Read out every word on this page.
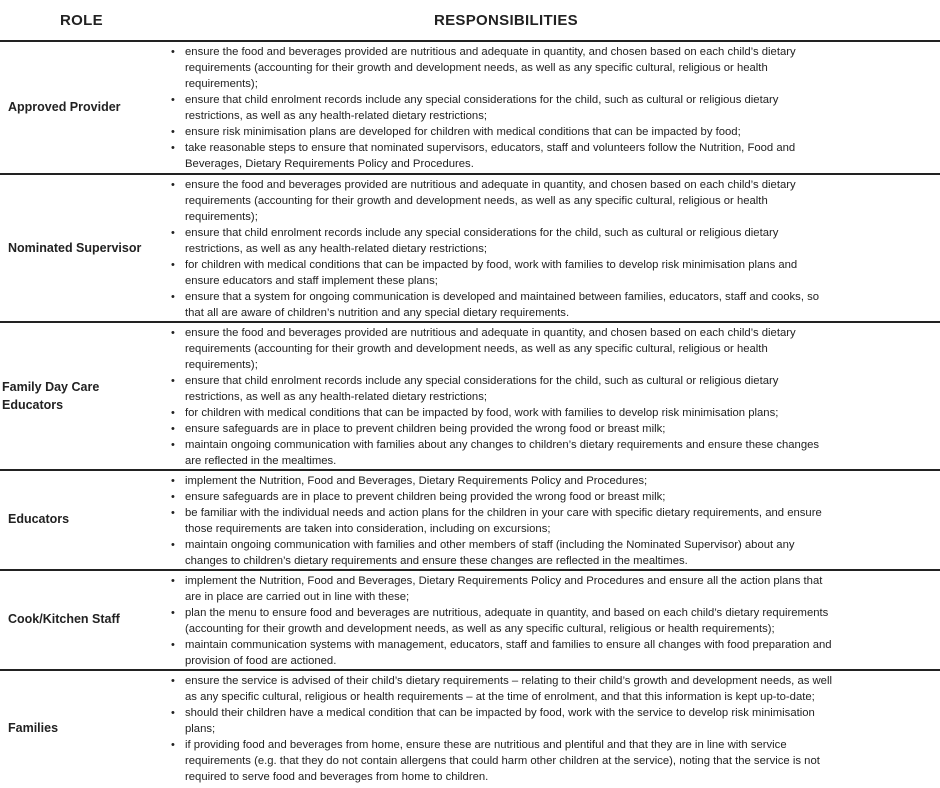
ROLE	RESPONSIBILITIES
Approved Provider
• ensure the food and beverages provided are nutritious and adequate in quantity, and chosen based on each child’s dietary
requirements (accounting for their growth and development needs, as well as any specific cultural, religious or health
requirements);
• ensure that child enrolment records include any special considerations for the child, such as cultural or religious dietary
restrictions, as well as any health-related dietary restrictions;
• ensure risk minimisation plans are developed for children with medical conditions that can be impacted by food;
• take reasonable steps to ensure that nominated supervisors, educators, staff and volunteers follow the Nutrition, Food and
Beverages, Dietary Requirements Policy and Procedures.
Nominated Supervisor
• ensure the food and beverages provided are nutritious and adequate in quantity, and chosen based on each child’s dietary
requirements (accounting for their growth and development needs, as well as any specific cultural, religious or health
requirements);
• ensure that child enrolment records include any special considerations for the child, such as cultural or religious dietary
restrictions, as well as any health-related dietary restrictions;
• for children with medical conditions that can be impacted by food, work with families to develop risk minimisation plans and
ensure educators and staff implement these plans;
• ensure that a system for ongoing communication is developed and maintained between families, educators, staff and cooks, so
that all are aware of children’s nutrition and any special dietary requirements.
Family Day Care Educators
• ensure the food and beverages provided are nutritious and adequate in quantity, and chosen based on each child’s dietary
requirements (accounting for their growth and development needs, as well as any specific cultural, religious or health
requirements);
• ensure that child enrolment records include any special considerations for the child, such as cultural or religious dietary
restrictions, as well as any health-related dietary restrictions;
• for children with medical conditions that can be impacted by food, work with families to develop risk minimisation plans;
• ensure safeguards are in place to prevent children being provided the wrong food or breast milk;
• maintain ongoing communication with families about any changes to children’s dietary requirements and ensure these changes
are reflected in the mealtimes.
Educators
• implement the Nutrition, Food and Beverages, Dietary Requirements Policy and Procedures;
• ensure safeguards are in place to prevent children being provided the wrong food or breast milk;
• be familiar with the individual needs and action plans for the children in your care with specific dietary requirements, and ensure
those requirements are taken into consideration, including on excursions;
• maintain ongoing communication with families and other members of staff (including the Nominated Supervisor) about any
changes to children’s dietary requirements and ensure these changes are reflected in the mealtimes.
Cook/Kitchen Staff
• implement the Nutrition, Food and Beverages, Dietary Requirements Policy and Procedures and ensure all the action plans that
are in place are carried out in line with these;
• plan the menu to ensure food and beverages are nutritious, adequate in quantity, and based on each child’s dietary requirements
(accounting for their growth and development needs, as well as any specific cultural, religious or health requirements);
• maintain communication systems with management, educators, staff and families to ensure all changes with food preparation and
provision of food are actioned.
Families
• ensure the service is advised of their child’s dietary requirements – relating to their child’s growth and development needs, as well
as any specific cultural, religious or health requirements – at the time of enrolment, and that this information is kept up-to-date;
• should their children have a medical condition that can be impacted by food, work with the service to develop risk minimisation
plans;
• if providing food and beverages from home, ensure these are nutritious and plentiful and that they are in line with service
requirements (e.g. that they do not contain allergens that could harm other children at the service), noting that the service is not
required to serve food and beverages from home to children.
